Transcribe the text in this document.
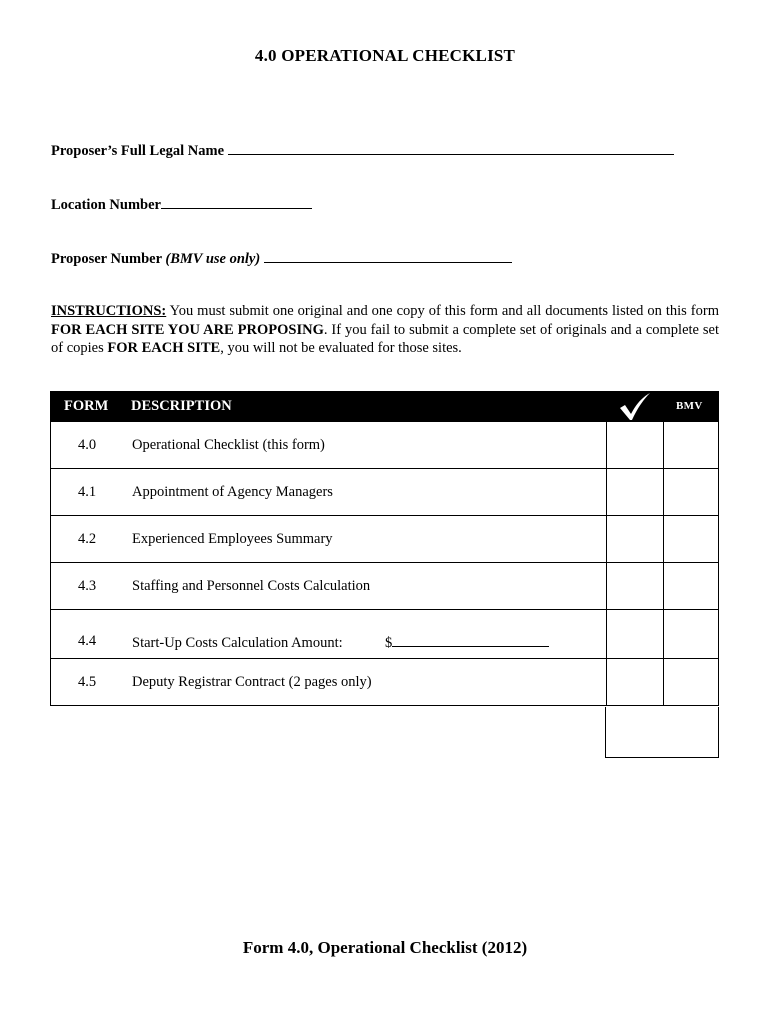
4.0 OPERATIONAL CHECKLIST
Proposer’s Full Legal Name
Location Number
Proposer Number (BMV use only)
INSTRUCTIONS: You must submit one original and one copy of this form and all documents listed on this form FOR EACH SITE YOU ARE PROPOSING. If you fail to submit a complete set of originals and a complete set of copies FOR EACH SITE, you will not be evaluated for those sites.
FORM DESCRIPTION	BMV
4.0 Operational Checklist (this form)
4.1 Appointment of Agency Managers
4.2 Experienced Employees Summary
4.3 Staffing and Personnel Costs Calculation
4.4 Start-Up Costs Calculation Amount:	$
4.5 Deputy Registrar Contract (2 pages only)
Form 4.0, Operational Checklist (2012)
